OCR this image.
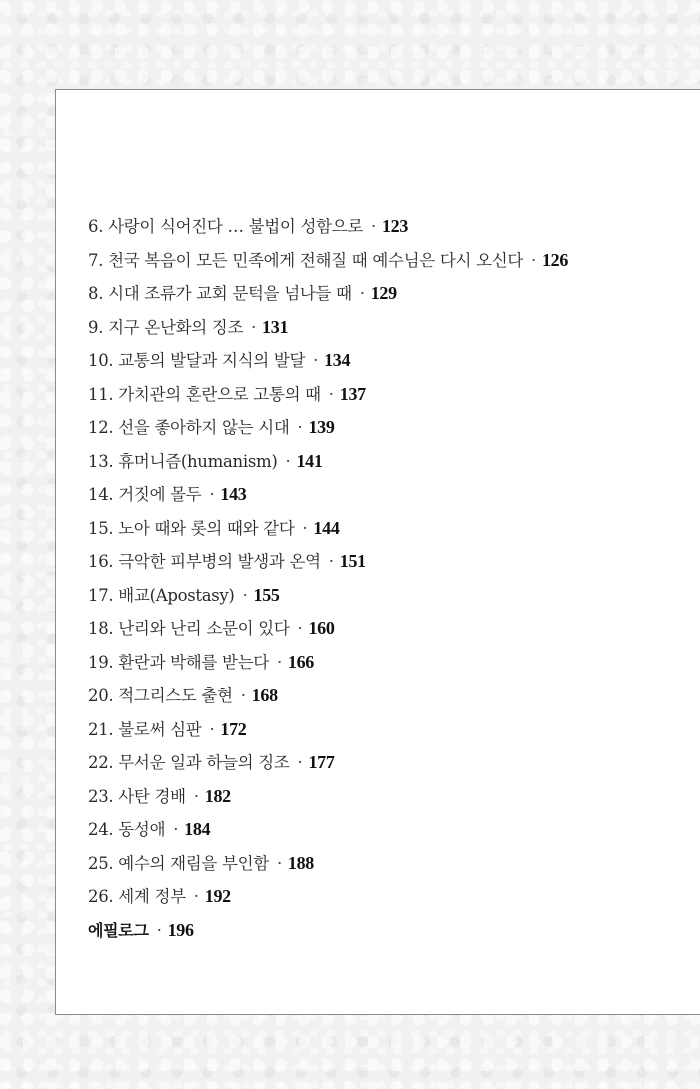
6. 사랑이 식어진다 … 불법이 성함으로 · 123
7. 천국 복음이 모든 민족에게 전해질 때 예수님은 다시 오신다 · 126
8. 시대 조류가 교회 문턱을 넘나들 때 · 129
9. 지구 온난화의 징조 · 131
10. 교통의 발달과 지식의 발달 · 134
11. 가치관의 혼란으로 고통의 때 · 137
12. 선을 좋아하지 않는 시대 · 139
13. 휴머니즘(humanism) · 141
14. 거짓에 몰두 · 143
15. 노아 때와 롯의 때와 같다 · 144
16. 극악한 피부병의 발생과 온역 · 151
17. 배교(Apostasy) · 155
18. 난리와 난리 소문이 있다 · 160
19. 환란과 박해를 받는다 · 166
20. 적그리스도 출현 · 168
21. 불로써 심판 · 172
22. 무서운 일과 하늘의 징조 · 177
23. 사탄 경배 · 182
24. 동성애 · 184
25. 예수의 재림을 부인함 · 188
26. 세계 정부 · 192
에필로그 · 196
